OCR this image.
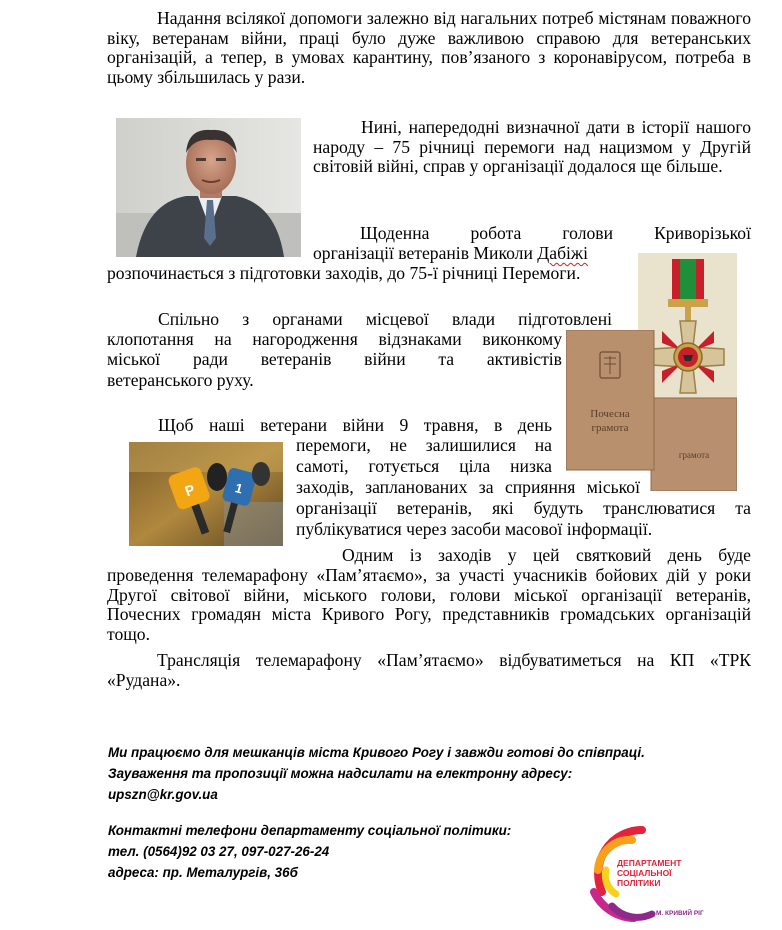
Надання всілякої допомоги залежно від нагальних потреб містянам поважного віку, ветеранам війни, праці було дуже важливою справою для ветеранських організацій, а тепер, в умовах карантину, пов’язаного з коронавірусом, потреба в цьому збільшилась у рази.

Нині, напередодні визначної дати в історії нашого народу – 75 річниці перемоги над нацизмом у Другій світовій війні, справ у організації додалося ще більше.

Щоденна робота голови Криворізької
організації ветеранів Миколи Дабіжі
розпочинається з підготовки заходів, до 75-ї річниці Перемоги.
Спільно з органами місцевої влади підготовлені
клопотання на нагородження відзнаками виконкому
міської ради ветеранів війни та активістів
ветеранського руху.
грамота
Почесна
грамота
Щоб наші ветерани війни 9 травня, в день
перемоги, не залишилися на
самоті, готується ціла низка
заходів, запланованих за сприяння міської
організації ветеранів, які будуть транслюватися та
публікуватися через засоби масової інформації.
P	1
Одним із заходів у цей святковий день буде

проведення телемарафону «Пам’ятаємо», за участі учасників бойових дій у роки Другої світової війни, міського голови, голови міської організації ветеранів, Почесних громадян міста Кривого Рогу, представників громадських організацій тощо.

Трансляція телемарафону «Пам’ятаємо» відбуватиметься на КП «ТРК «Рудана».

Ми працюємо для мешканців міста Кривого Рогу і завжди готові до співпраці.
Зауваження та пропозиції можна надсилати на електронну адресу:
upszn@kr.gov.ua
Контактні телефони департаменту соціальної політики:
тел. (0564)92 03 27, 097-027-26-24
адреса: пр. Металургів, 36б
ДЕПАРТАМЕНТ
СОЦІАЛЬНОЇ
ПОЛІТИКИ
М. КРИВИЙ РІГ
